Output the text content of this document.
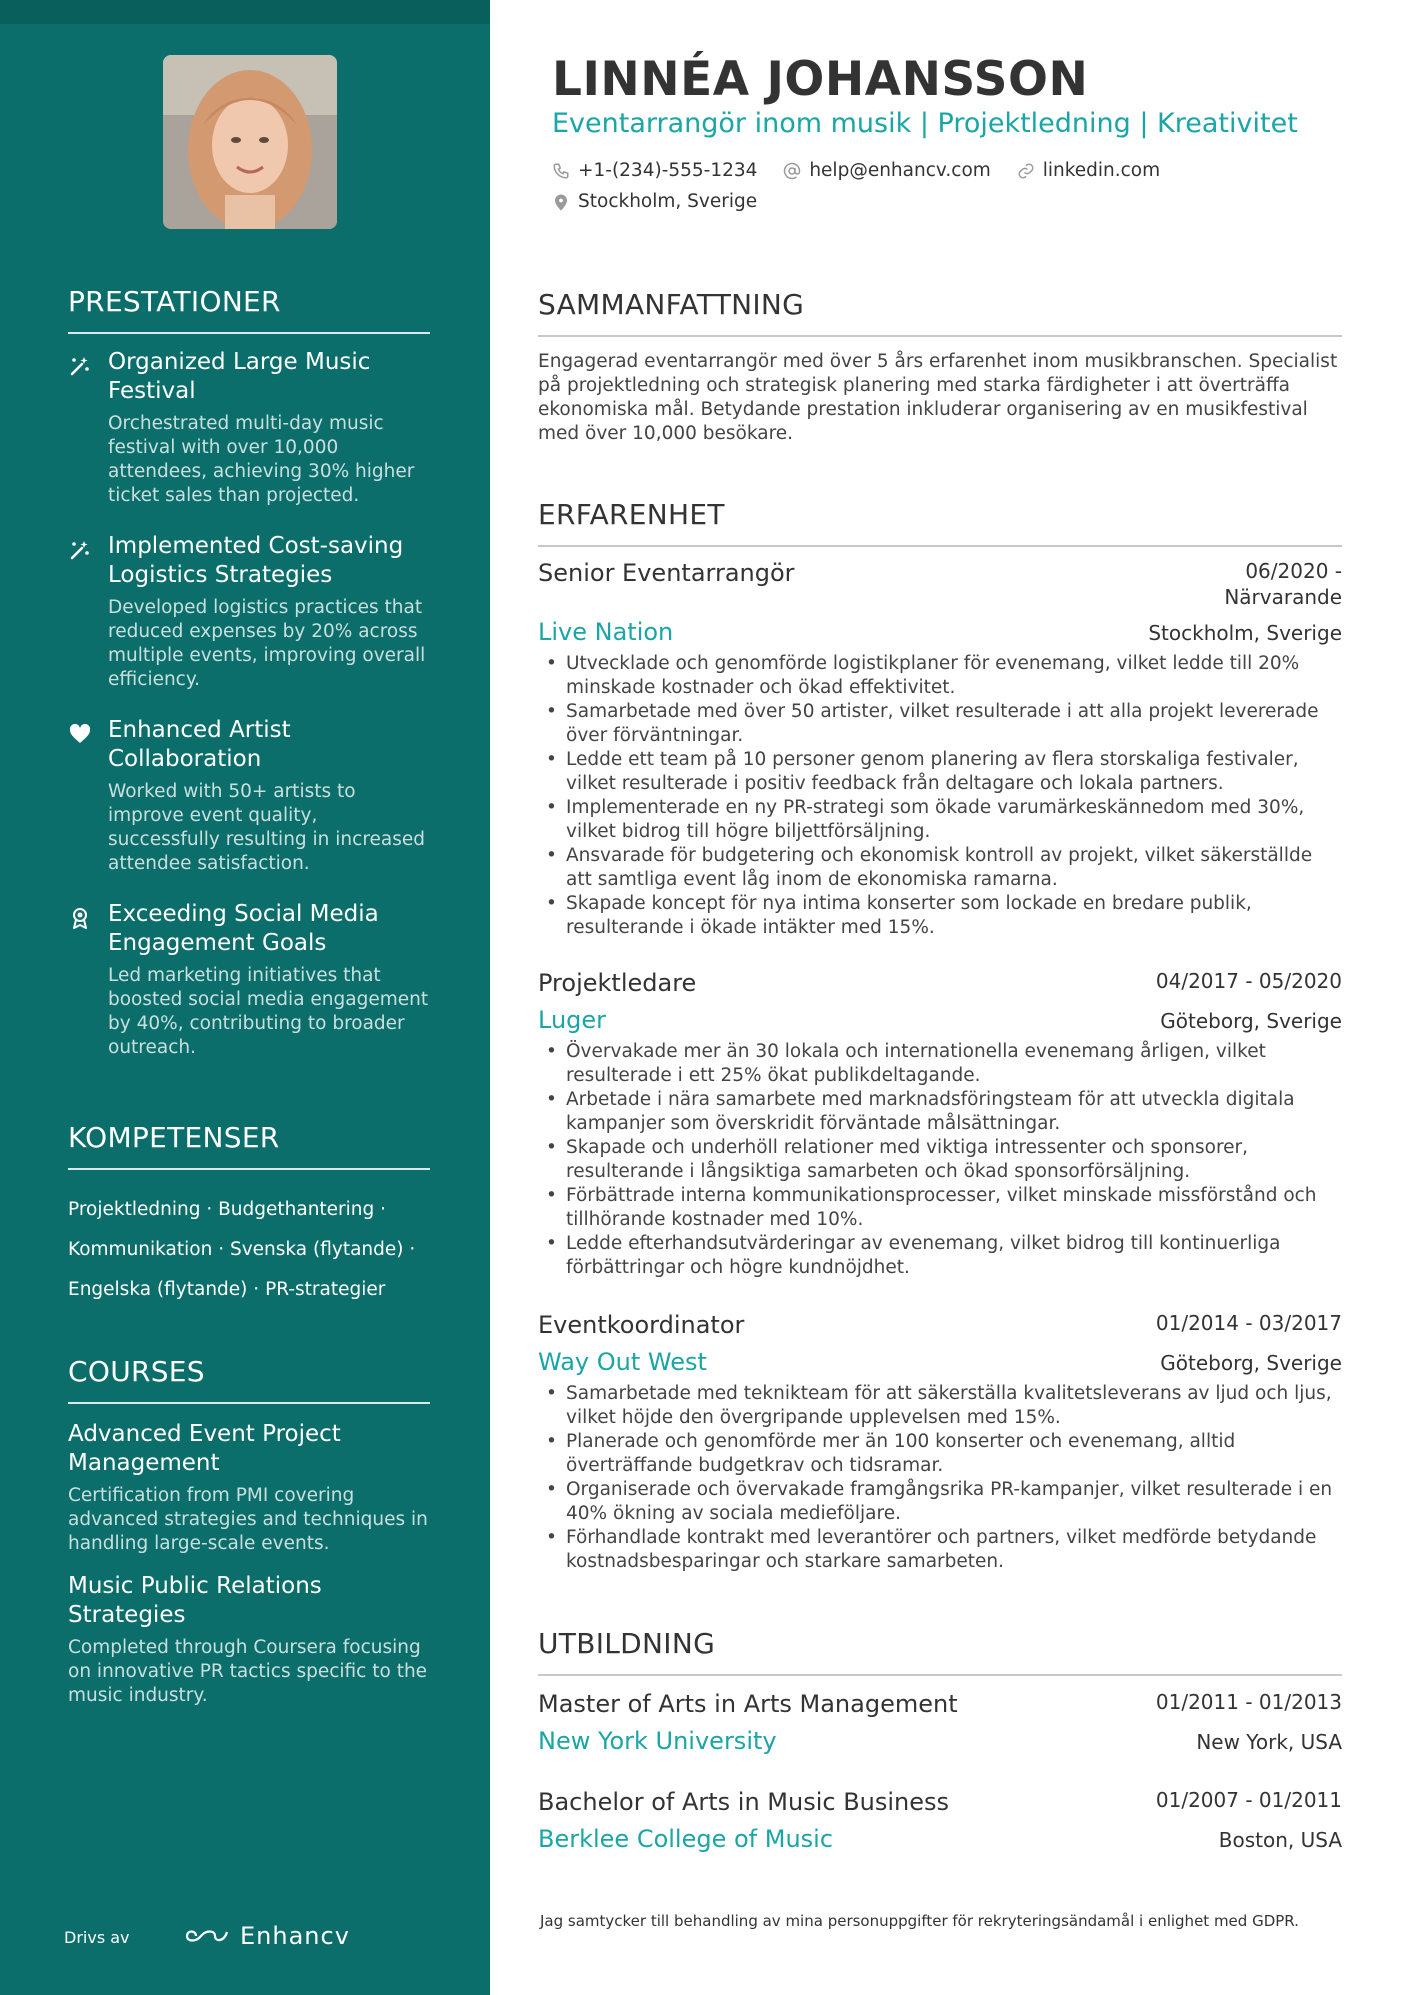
PRESTATIONER
Organized Large Music Festival
Orchestrated multi-day music festival with over 10,000 attendees, achieving 30% higher ticket sales than projected.
Implemented Cost-saving Logistics Strategies
Developed logistics practices that reduced expenses by 20% across multiple events, improving overall efficiency.
Enhanced Artist Collaboration
Worked with 50+ artists to improve event quality, successfully resulting in increased attendee satisfaction.
Exceeding Social Media Engagement Goals
Led marketing initiatives that boosted social media engagement by 40%, contributing to broader outreach.
KOMPETENSER
Projektledning · Budgethantering ·
Kommunikation · Svenska (flytande) ·
Engelska (flytande) · PR-strategier
COURSES
Advanced Event Project Management
Certification from PMI covering advanced strategies and techniques in handling large-scale events.
Music Public Relations Strategies
Completed through Coursera focusing on innovative PR tactics specific to the music industry.
Drivs av	Enhancv
LINNÉA JOHANSSON
Eventarrangör inom musik | Projektledning | Kreativitet
+1-(234)-555-1234
	help@enhancv.com
	linkedin.com

Stockholm, Sverige
SAMMANFATTNING
Engagerad eventarrangör med över 5 års erfarenhet inom musikbranschen. Specialist på projektledning och strategisk planering med starka färdigheter i att överträffa ekonomiska mål. Betydande prestation inkluderar organisering av en musikfestival med över 10,000 besökare.
ERFARENHET
Senior Eventarrangör	06/2020 - Närvarande
Live Nation	Stockholm, Sverige
• Utvecklade och genomförde logistikplaner för evenemang, vilket ledde till 20% minskade kostnader och ökad effektivitet.
• Samarbetade med över 50 artister, vilket resulterade i att alla projekt levererade över förväntningar.
• Ledde ett team på 10 personer genom planering av flera storskaliga festivaler, vilket resulterade i positiv feedback från deltagare och lokala partners.
• Implementerade en ny PR-strategi som ökade varumärkeskännedom med 30%, vilket bidrog till högre biljettförsäljning.
• Ansvarade för budgetering och ekonomisk kontroll av projekt, vilket säkerställde att samtliga event låg inom de ekonomiska ramarna.
• Skapade koncept för nya intima konserter som lockade en bredare publik, resulterande i ökade intäkter med 15%.
Projektledare	04/2017 - 05/2020
Luger	Göteborg, Sverige
• Övervakade mer än 30 lokala och internationella evenemang årligen, vilket resulterade i ett 25% ökat publikdeltagande.
• Arbetade i nära samarbete med marknadsföringsteam för att utveckla digitala kampanjer som överskridit förväntade målsättningar.
• Skapade och underhöll relationer med viktiga intressenter och sponsorer, resulterande i långsiktiga samarbeten och ökad sponsorförsäljning.
• Förbättrade interna kommunikationsprocesser, vilket minskade missförstånd och tillhörande kostnader med 10%.
• Ledde efterhandsutvärderingar av evenemang, vilket bidrog till kontinuerliga förbättringar och högre kundnöjdhet.
Eventkoordinator	01/2014 - 03/2017
Way Out West	Göteborg, Sverige
• Samarbetade med teknikteam för att säkerställa kvalitetsleverans av ljud och ljus, vilket höjde den övergripande upplevelsen med 15%.
• Planerade och genomförde mer än 100 konserter och evenemang, alltid överträffande budgetkrav och tidsramar.
• Organiserade och övervakade framgångsrika PR-kampanjer, vilket resulterade i en 40% ökning av sociala medieföljare.
• Förhandlade kontrakt med leverantörer och partners, vilket medförde betydande kostnadsbesparingar och starkare samarbeten.
UTBILDNING
Master of Arts in Arts Management	01/2011 - 01/2013
New York University	New York, USA
Bachelor of Arts in Music Business	01/2007 - 01/2011
Berklee College of Music	Boston, USA
Jag samtycker till behandling av mina personuppgifter för rekryteringsändamål i enlighet med GDPR.
